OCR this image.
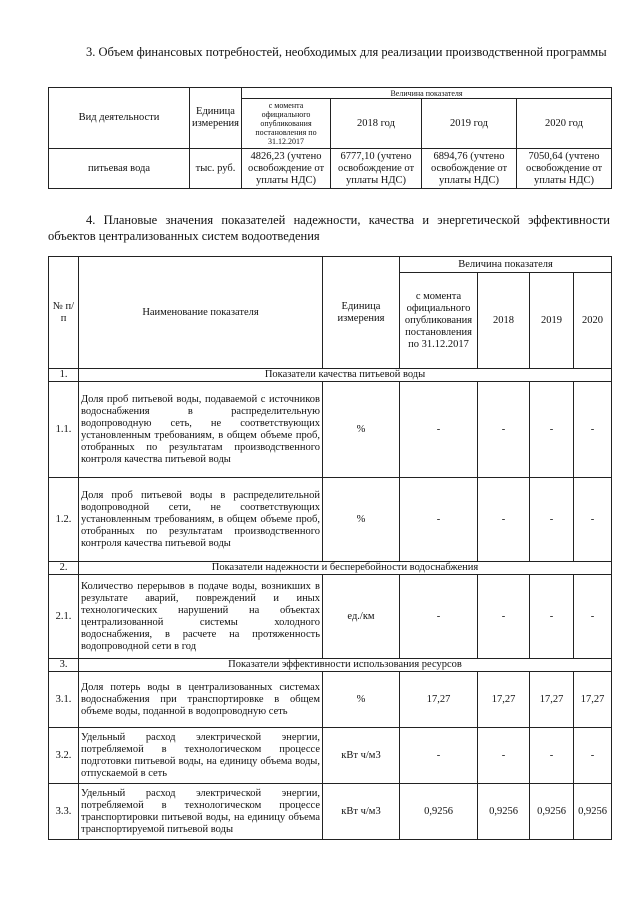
3. Объем финансовых потребностей, необходимых для реализации производственной программы
Вид деятельности	Единица измерения	Величина показателя			
		с момента официального опубликования постановления по 31.12.2017	2018 год	2019 год	2020 год
питьевая вода	тыс. руб.	4826,23 (учтено освобождение от уплаты НДС)	6777,10 (учтено освобождение от уплаты НДС)	6894,76 (учтено освобождение от уплаты НДС)	7050,64 (учтено освобождение от уплаты НДС)
4. Плановые значения показателей надежности, качества и энергетической эффективности объектов централизованных систем водоотведения
№ п/п	Наименование показателя	Единица измерения	Величина показателя			
			с момента официального опубликования постановления по 31.12.2017	2018	2019	2020
1.	Показатели качества питьевой воды					
1.1.	Доля проб питьевой воды, подаваемой с источников водоснабжения в распределительную водопроводную сеть, не соответствующих установленным требованиям, в общем объеме проб, отобранных по результатам производственного контроля качества питьевой воды	%	-	-	-	-
1.2.	Доля проб питьевой воды в распределительной водопроводной сети, не соответствующих установленным требованиям, в общем объеме проб, отобранных по результатам производственного контроля качества питьевой воды	%	-	-	-	-
2.	Показатели надежности и бесперебойности водоснабжения					
2.1.	Количество перерывов в подаче воды, возникших в результате аварий, повреждений и иных технологических нарушений на объектах централизованной системы холодного водоснабжения, в расчете на протяженность водопроводной сети в год	ед./км	-	-	-	-
3.	Показатели эффективности использования ресурсов					
3.1.	Доля потерь воды в централизованных системах водоснабжения при транспортировке в общем объеме воды, поданной в водопроводную сеть	%	17,27	17,27	17,27	17,27
3.2.	Удельный расход электрической энергии, потребляемой в технологическом процессе подготовки питьевой воды, на единицу объема воды, отпускаемой в сеть	кВт ч/м3	-	-	-	-
3.3.	Удельный расход электрической энергии, потребляемой в технологическом процессе транспортировки питьевой воды, на единицу объема транспортируемой питьевой воды	кВт ч/м3	0,9256	0,9256	0,9256	0,9256
